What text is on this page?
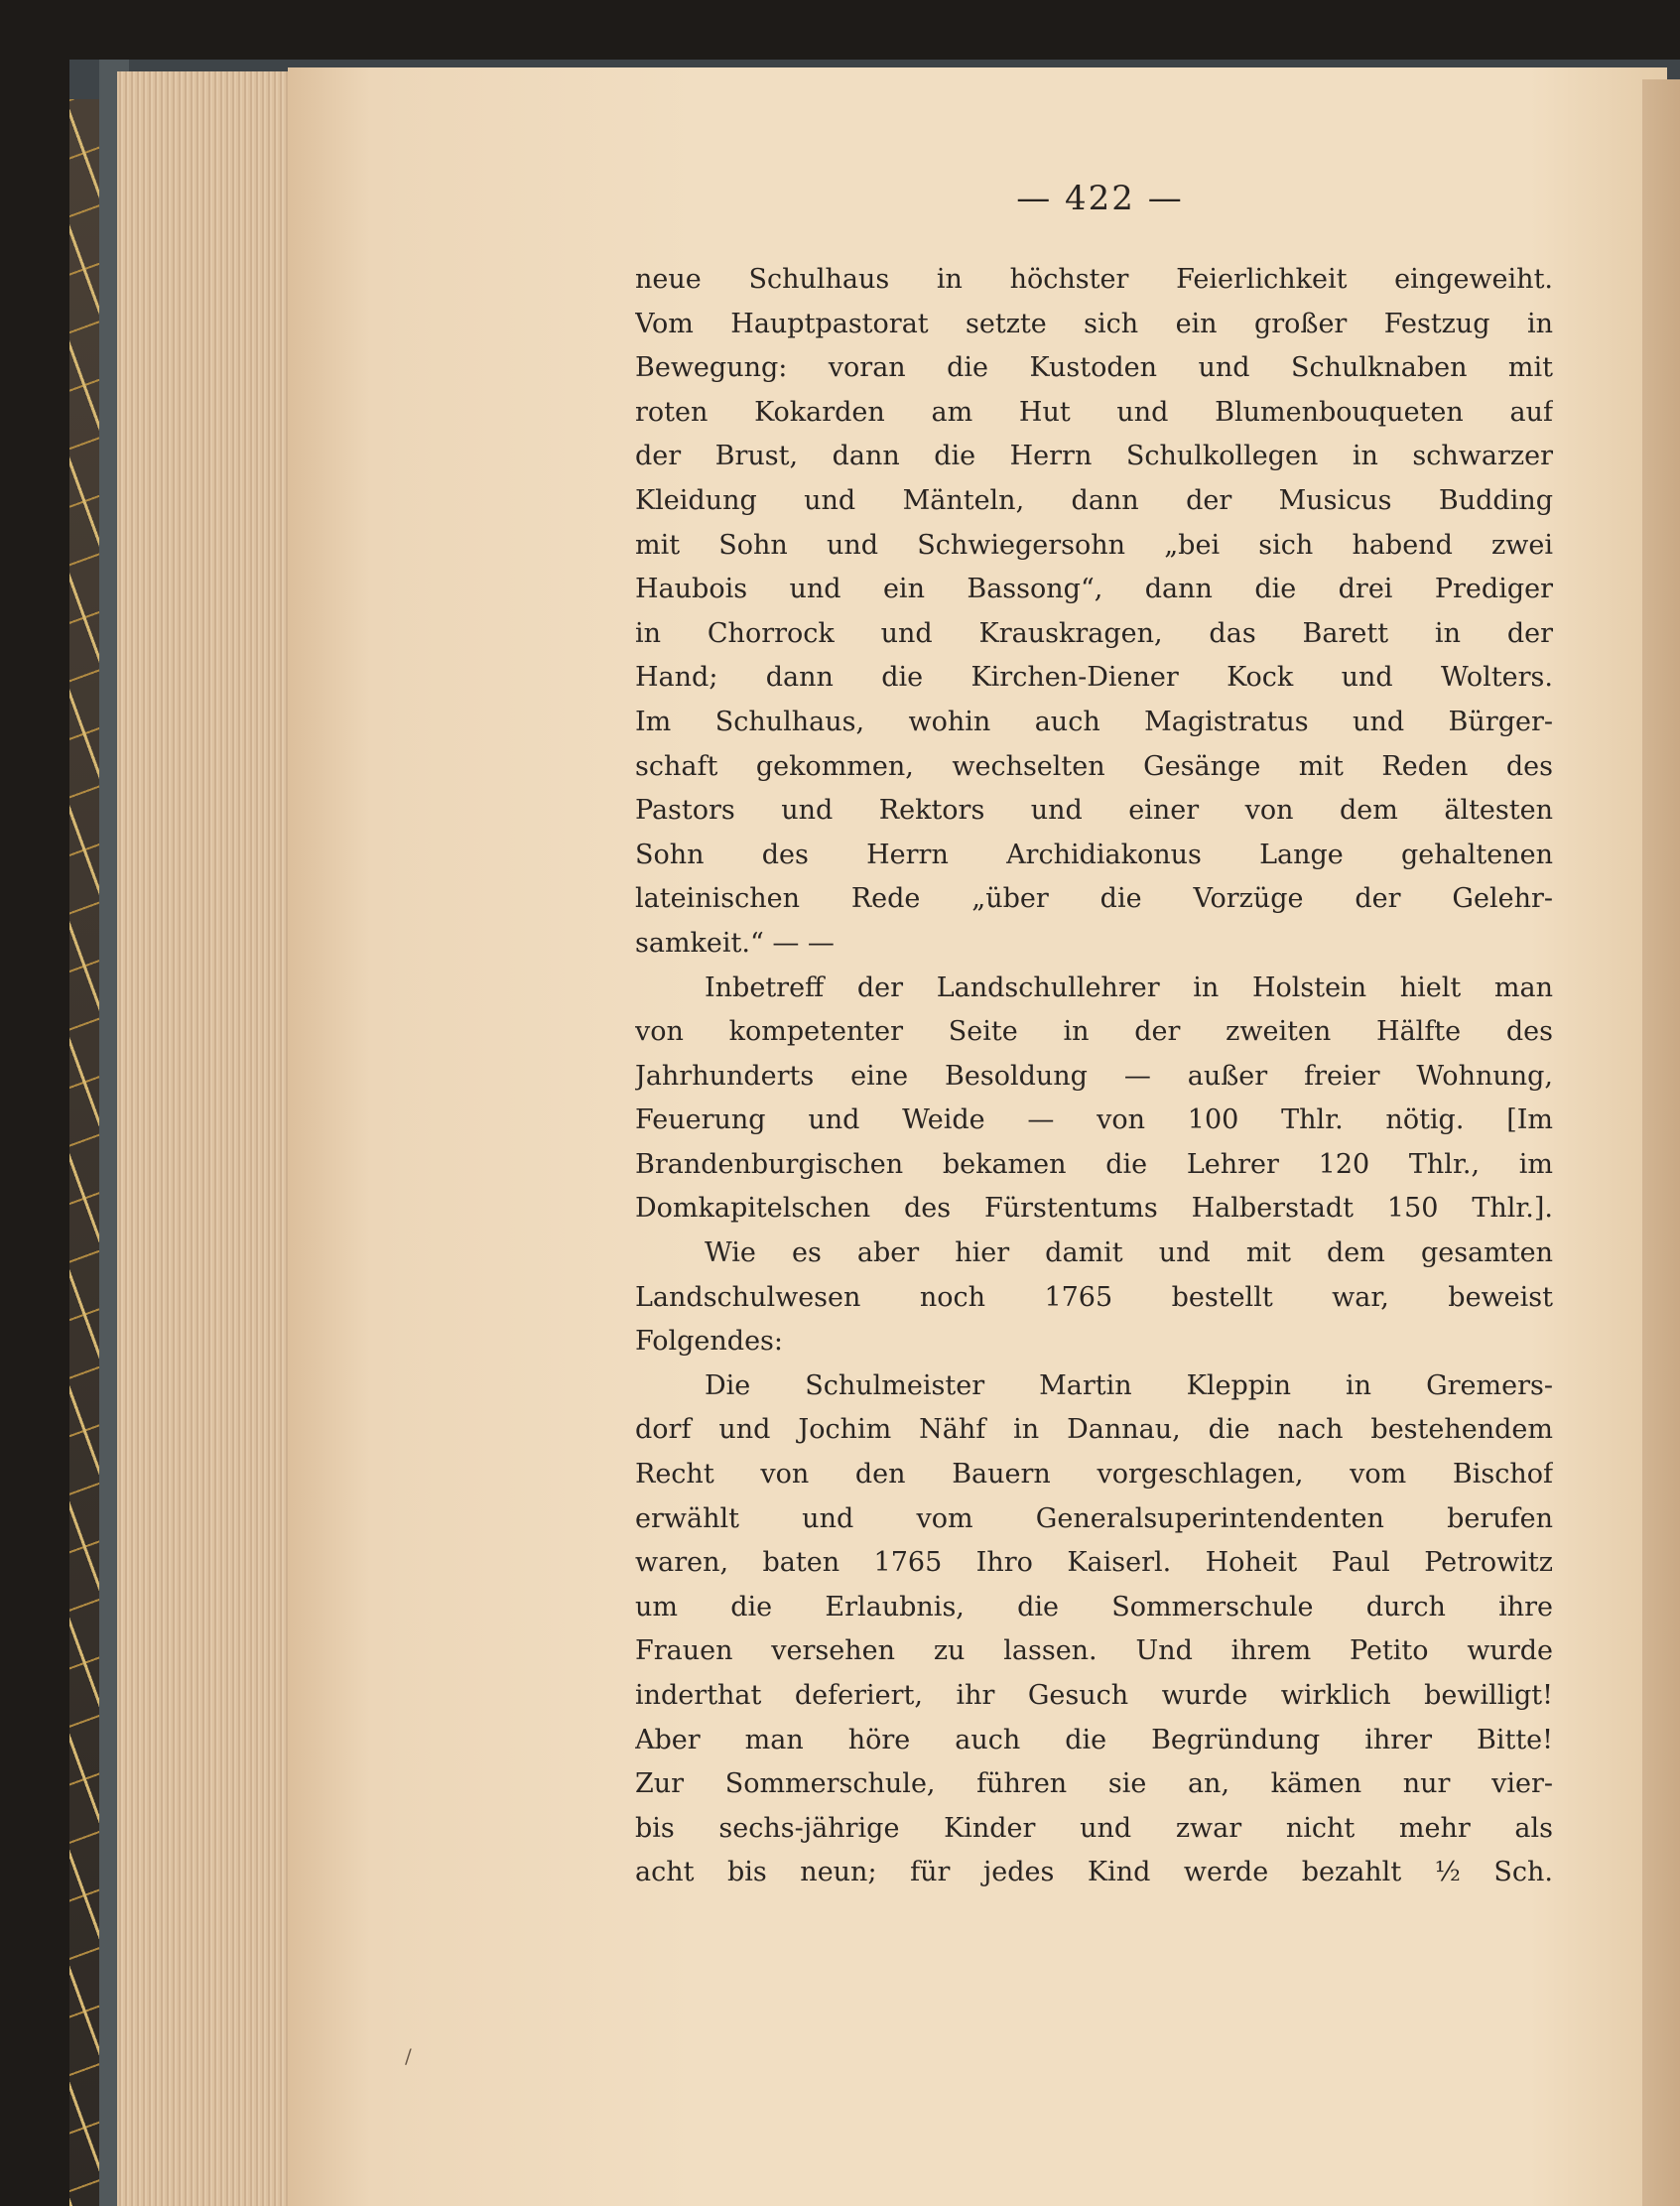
/
— 422 —
neue Schulhaus in höchster Feierlichkeit eingeweiht.
Vom Hauptpastorat setzte sich ein großer Festzug in
Bewegung: voran die Kustoden und Schulknaben mit
roten Kokarden am Hut und Blumenbouqueten auf
der Brust, dann die Herrn Schulkollegen in schwarzer
Kleidung und Mänteln, dann der Musicus Budding
mit Sohn und Schwiegersohn „bei sich habend zwei
Haubois und ein Bassong“, dann die drei Prediger
in Chorrock und Krauskragen, das Barett in der
Hand; dann die Kirchen-Diener Kock und Wolters.
Im Schulhaus, wohin auch Magistratus und Bürger-
schaft gekommen, wechselten Gesänge mit Reden des
Pastors und Rektors und einer von dem ältesten
Sohn des Herrn Archidiakonus Lange gehaltenen
lateinischen Rede „über die Vorzüge der Gelehr-
samkeit.“ — —
Inbetreff der Landschullehrer in Holstein hielt man
von kompetenter Seite in der zweiten Hälfte des
Jahrhunderts eine Besoldung — außer freier Wohnung,
Feuerung und Weide — von 100 Thlr. nötig. [Im
Brandenburgischen bekamen die Lehrer 120 Thlr., im
Domkapitelschen des Fürstentums Halberstadt 150 Thlr.].
Wie es aber hier damit und mit dem gesamten
Landschulwesen noch 1765 bestellt war, beweist
Folgendes:
Die Schulmeister Martin Kleppin in Gremers-
dorf und Jochim Nähf in Dannau, die nach bestehendem
Recht von den Bauern vorgeschlagen, vom Bischof
erwählt und vom Generalsuperintendenten berufen
waren, baten 1765 Ihro Kaiserl. Hoheit Paul Petrowitz
um die Erlaubnis, die Sommerschule durch ihre
Frauen versehen zu lassen. Und ihrem Petito wurde
inderthat deferiert, ihr Gesuch wurde wirklich bewilligt!
Aber man höre auch die Begründung ihrer Bitte!
Zur Sommerschule, führen sie an, kämen nur vier-
bis sechs-jährige Kinder und zwar nicht mehr als
acht bis neun; für jedes Kind werde bezahlt ½ Sch.
